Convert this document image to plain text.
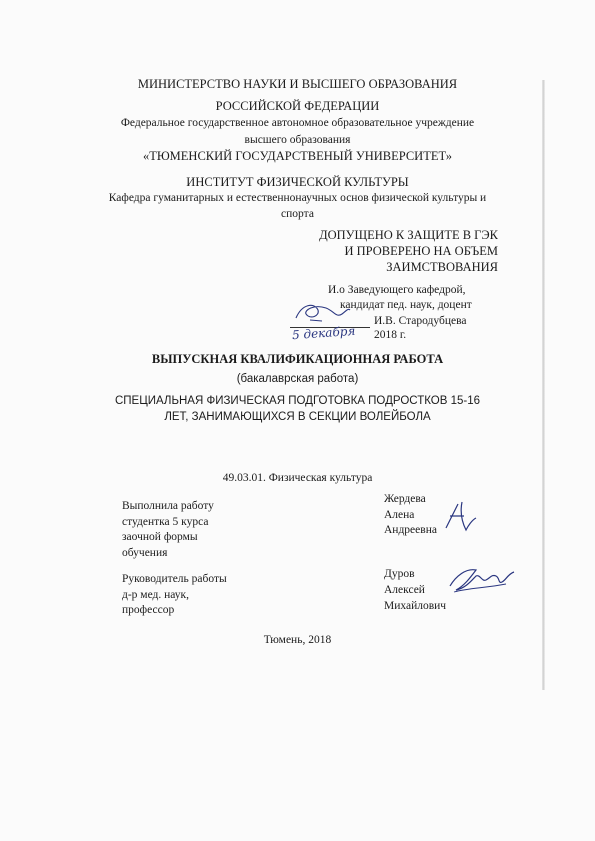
МИНИСТЕРСТВО НАУКИ И ВЫСШЕГО ОБРАЗОВАНИЯ
РОССИЙСКОЙ ФЕДЕРАЦИИ
Федеральное государственное автономное образовательное учреждение
высшего образования
«ТЮМЕНСКИЙ ГОСУДАРСТВЕНЫЙ УНИВЕРСИТЕТ»
ИНСТИТУТ ФИЗИЧЕСКОЙ КУЛЬТУРЫ
Кафедра гуманитарных и естественнонаучных основ физической культуры и
спорта
ДОПУЩЕНО К ЗАЩИТЕ В ГЭК
И ПРОВЕРЕНО НА ОБЪЕМ
ЗАИМСТВОВАНИЯ
И.о Заведующего кафедрой,
кандидат пед. наук, доцент
И.В. Стародубцева
5 декабря 2018 г.
ВЫПУСКНАЯ КВАЛИФИКАЦИОННАЯ РАБОТА
(бакалаврская работа)
СПЕЦИАЛЬНАЯ ФИЗИЧЕСКАЯ ПОДГОТОВКА ПОДРОСТКОВ 15-16
ЛЕТ, ЗАНИМАЮЩИХСЯ В СЕКЦИИ ВОЛЕЙБОЛА
49.03.01. Физическая культура
Выполнила работу
студентка 5 курса
заочной формы
обучения
Жердева
Алена
Андреевна
Руководитель работы
д-р мед. наук,
профессор
Дуров
Алексей
Михайлович
Тюмень, 2018
